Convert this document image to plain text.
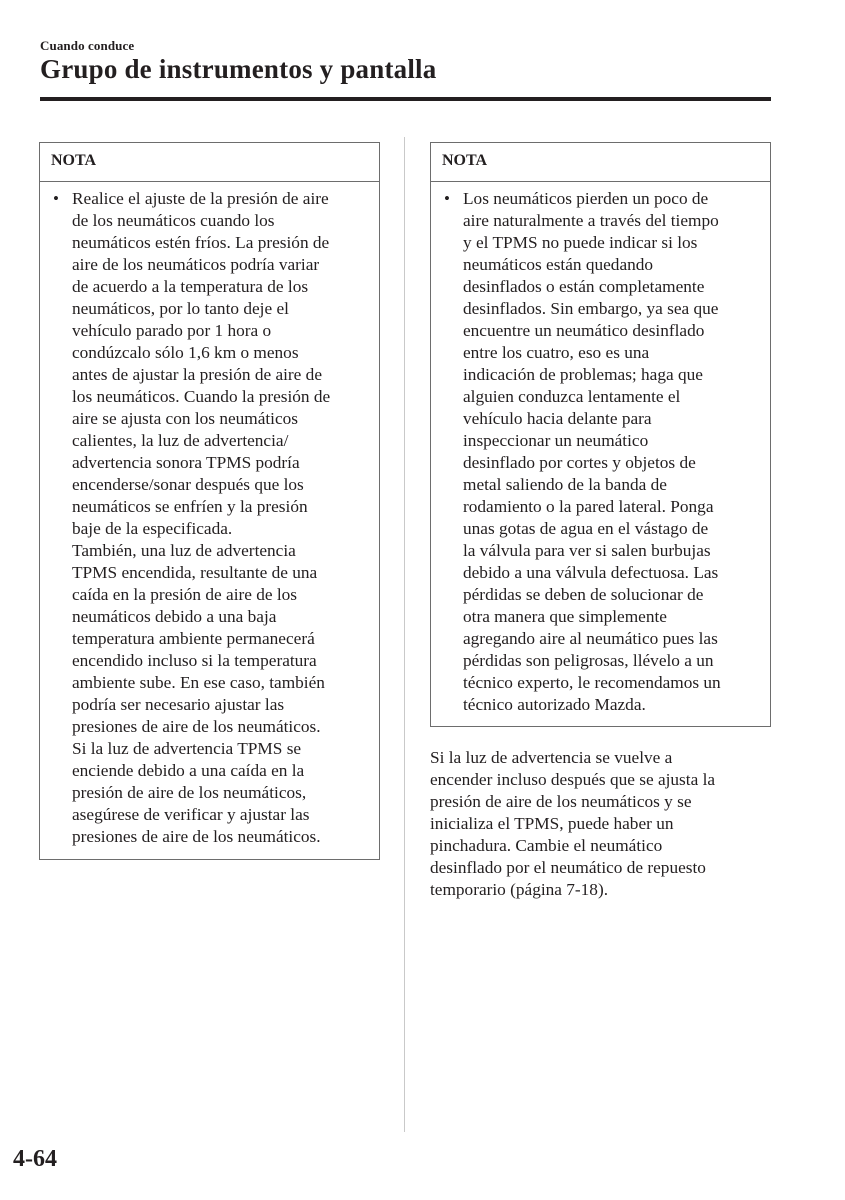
Cuando conduce
Grupo de instrumentos y pantalla
NOTA
• Realice el ajuste de la presión de aire
de los neumáticos cuando los
neumáticos estén fríos. La presión de
aire de los neumáticos podría variar
de acuerdo a la temperatura de los
neumáticos, por lo tanto deje el
vehículo parado por 1 hora o
condúzcalo sólo 1,6 km o menos
antes de ajustar la presión de aire de
los neumáticos. Cuando la presión de
aire se ajusta con los neumáticos
calientes, la luz de advertencia/
advertencia sonora TPMS podría
encenderse/sonar después que los
neumáticos se enfríen y la presión
baje de la especificada.
También, una luz de advertencia
TPMS encendida, resultante de una
caída en la presión de aire de los
neumáticos debido a una baja
temperatura ambiente permanecerá
encendido incluso si la temperatura
ambiente sube. En ese caso, también
podría ser necesario ajustar las
presiones de aire de los neumáticos.
Si la luz de advertencia TPMS se
enciende debido a una caída en la
presión de aire de los neumáticos,
asegúrese de verificar y ajustar las
presiones de aire de los neumáticos.
NOTA
• Los neumáticos pierden un poco de
aire naturalmente a través del tiempo
y el TPMS no puede indicar si los
neumáticos están quedando
desinflados o están completamente
desinflados. Sin embargo, ya sea que
encuentre un neumático desinflado
entre los cuatro, eso es una
indicación de problemas; haga que
alguien conduzca lentamente el
vehículo hacia delante para
inspeccionar un neumático
desinflado por cortes y objetos de
metal saliendo de la banda de
rodamiento o la pared lateral. Ponga
unas gotas de agua en el vástago de
la válvula para ver si salen burbujas
debido a una válvula defectuosa. Las
pérdidas se deben de solucionar de
otra manera que simplemente
agregando aire al neumático pues las
pérdidas son peligrosas, llévelo a un
técnico experto, le recomendamos un
técnico autorizado Mazda.
Si la luz de advertencia se vuelve a
encender incluso después que se ajusta la
presión de aire de los neumáticos y se
inicializa el TPMS, puede haber un
pinchadura. Cambie el neumático
desinflado por el neumático de repuesto
temporario (página 7-18).
4-64
